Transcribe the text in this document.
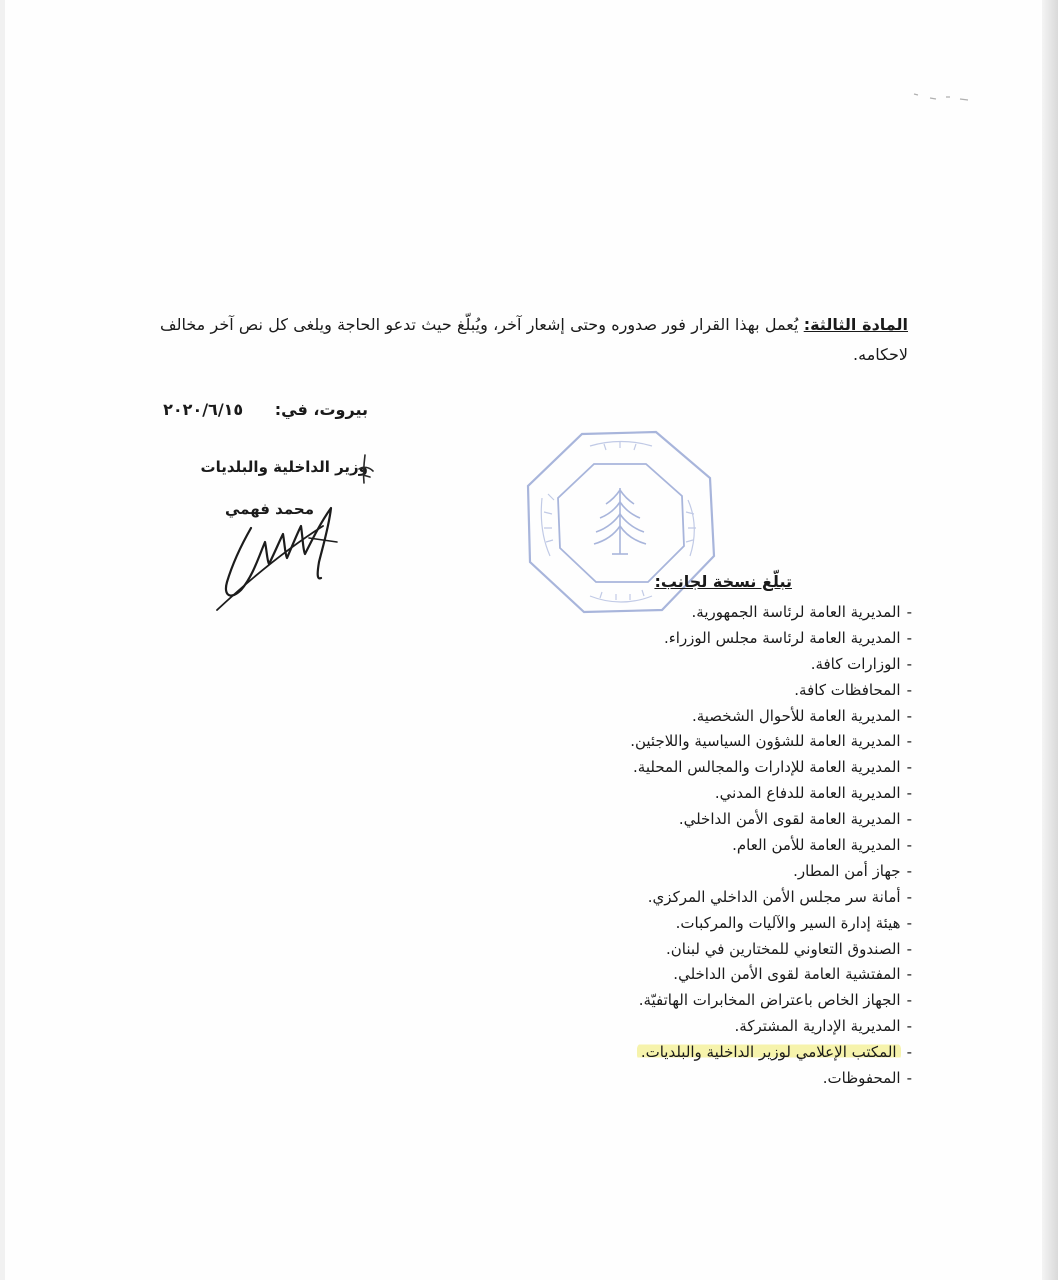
المادة الثالثة: يُعمل بهذا القرار فور صدوره وحتى إشعار آخر، ويُبلّغ حيث تدعو الحاجة ويلغى كل نص آخر مخالف لاحكامه.

بيروت، في: ٢٠٢٠/٦/١٥
وزير الداخلية والبلديات
محمد فهمي
تبلّغ نسخة لجانب:
-المديرية العامة لرئاسة الجمهورية.
-المديرية العامة لرئاسة مجلس الوزراء.
-الوزارات كافة.
-المحافظات كافة.
-المديرية العامة للأحوال الشخصية.
-المديرية العامة للشؤون السياسية واللاجئين.
-المديرية العامة للإدارات والمجالس المحلية.
-المديرية العامة للدفاع المدني.
-المديرية العامة لقوى الأمن الداخلي.
-المديرية العامة للأمن العام.
-جهاز أمن المطار.
-أمانة سر مجلس الأمن الداخلي المركزي.
-هيئة إدارة السير والآليات والمركبات.
-الصندوق التعاوني للمختارين في لبنان.
-المفتشية العامة لقوى الأمن الداخلي.
-الجهاز الخاص باعتراض المخابرات الهاتفيّة.
-المديرية الإدارية المشتركة.
-المكتب الإعلامي لوزير الداخلية والبلديات.
-المحفوظات.
